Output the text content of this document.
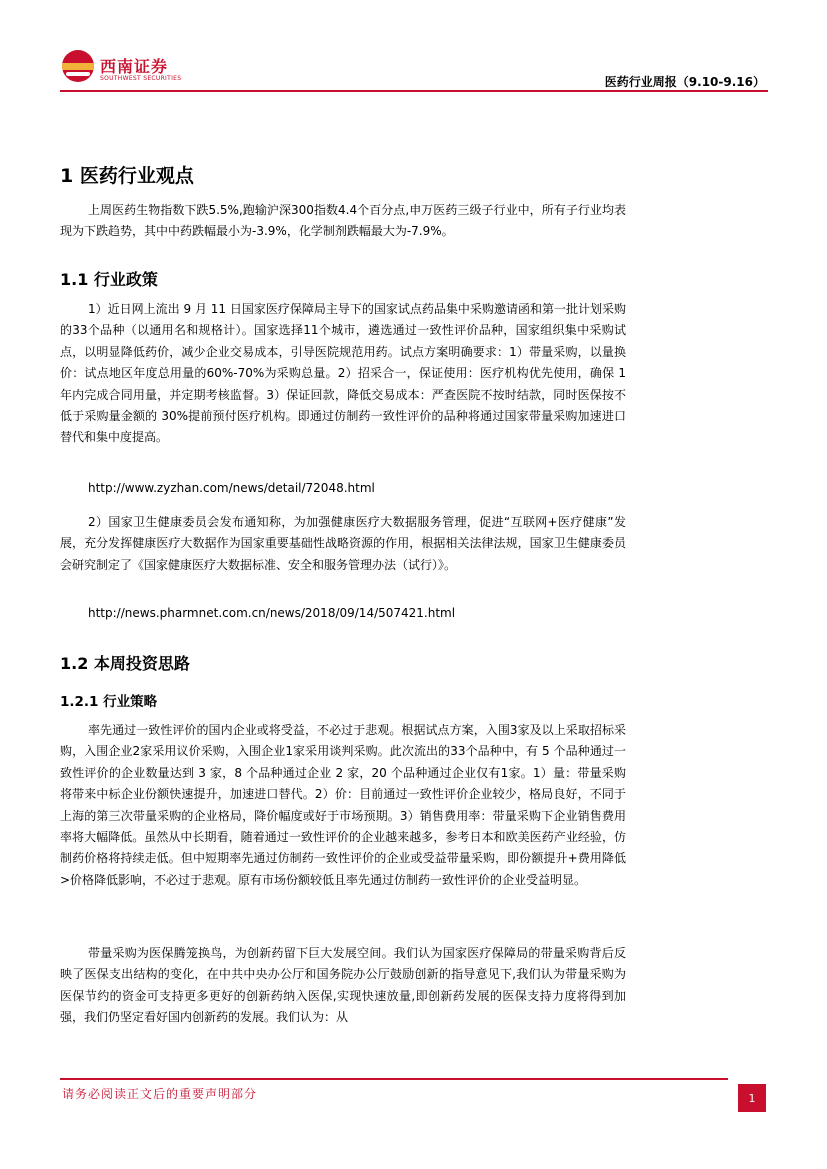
西南证券
SOUTHWEST SECURITIES	医药行业周报（9.10-9.16）
1 医药行业观点

上周医药生物指数下跌5.5%,跑输沪深300指数4.4个百分点,申万医药三级子行业中，所有子行业均表现为下跌趋势，其中中药跌幅最小为-3.9%，化学制剂跌幅最大为-7.9%。

1.1 行业政策

1）近日网上流出 9 月 11 日国家医疗保障局主导下的国家试点药品集中采购邀请函和第一批计划采购的33个品种（以通用名和规格计）。国家选择11个城市，遴选通过一致性评价品种，国家组织集中采购试点，以明显降低药价，减少企业交易成本，引导医院规范用药。试点方案明确要求：1）带量采购，以量换价：试点地区年度总用量的60%-70%为采购总量。2）招采合一，保证使用：医疗机构优先使用，确保 1 年内完成合同用量，并定期考核监督。3）保证回款，降低交易成本：严查医院不按时结款，同时医保按不低于采购量金额的 30%提前预付医疗机构。即通过仿制药一致性评价的品种将通过国家带量采购加速进口替代和集中度提高。

http://www.zyzhan.com/news/detail/72048.html

2）国家卫生健康委员会发布通知称，为加强健康医疗大数据服务管理，促进“互联网+医疗健康”发展，充分发挥健康医疗大数据作为国家重要基础性战略资源的作用，根据相关法律法规，国家卫生健康委员会研究制定了《国家健康医疗大数据标准、安全和服务管理办法（试行）》。

http://news.pharmnet.com.cn/news/2018/09/14/507421.html
1.2 本周投资思路
1.2.1 行业策略

率先通过一致性评价的国内企业或将受益，不必过于悲观。根据试点方案，入围3家及以上采取招标采购，入围企业2家采用议价采购，入围企业1家采用谈判采购。此次流出的33个品种中，有 5 个品种通过一致性评价的企业数量达到 3 家，8 个品种通过企业 2 家，20 个品种通过企业仅有1家。1）量：带量采购将带来中标企业份额快速提升，加速进口替代。2）价：目前通过一致性评价企业较少，格局良好，不同于上海的第三次带量采购的企业格局，降价幅度或好于市场预期。3）销售费用率：带量采购下企业销售费用率将大幅降低。虽然从中长期看，随着通过一致性评价的企业越来越多，参考日本和欧美医药产业经验，仿制药价格将持续走低。但中短期率先通过仿制药一致性评价的企业或受益带量采购，即份额提升+费用降低>价格降低影响，不必过于悲观。原有市场份额较低且率先通过仿制药一致性评价的企业受益明显。

带量采购为医保腾笼换鸟，为创新药留下巨大发展空间。我们认为国家医疗保障局的带量采购背后反映了医保支出结构的变化，在中共中央办公厅和国务院办公厅鼓励创新的指导意见下,我们认为带量采购为医保节约的资金可支持更多更好的创新药纳入医保,实现快速放量,即创新药发展的医保支持力度将得到加强，我们仍坚定看好国内创新药的发展。我们认为：从

请务必阅读正文后的重要声明部分	1
